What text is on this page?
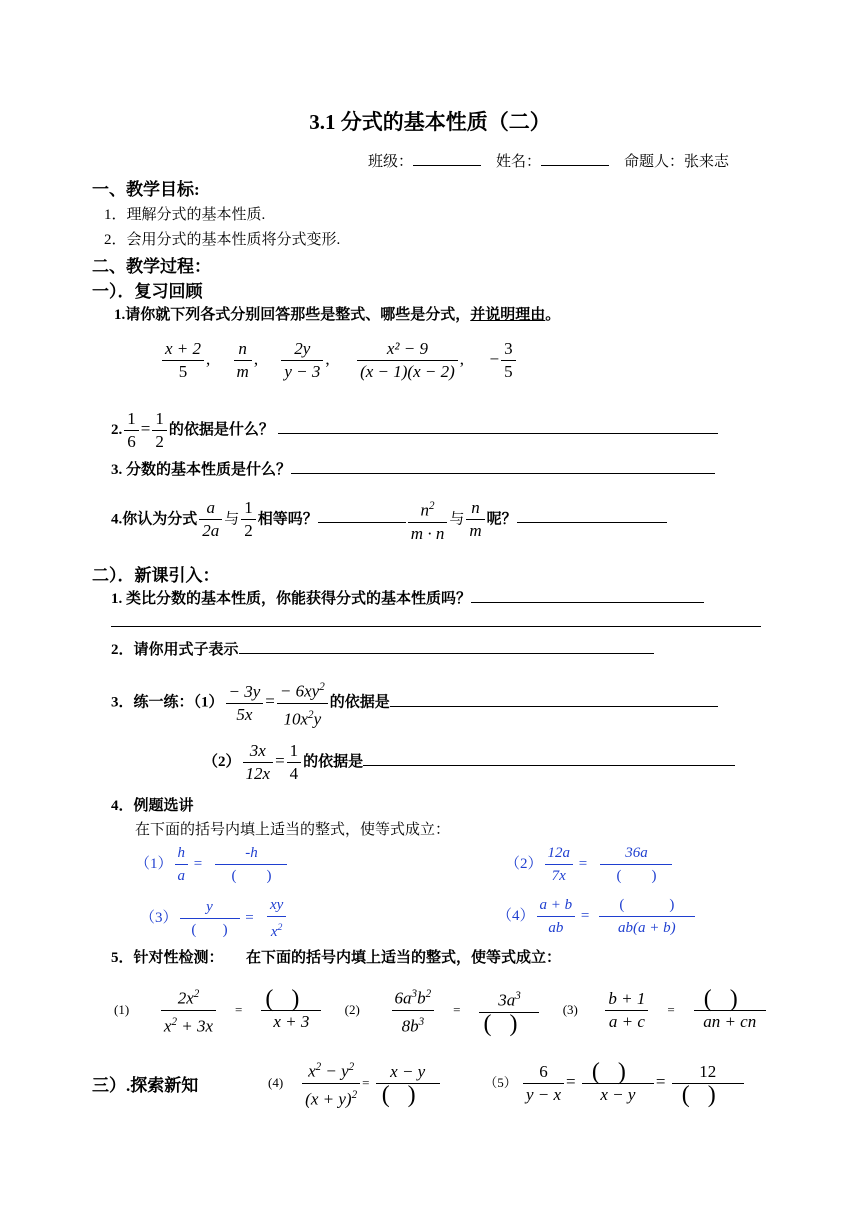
3.1 分式的基本性质（二）
班级：	姓名：	命题人：张来志
一、教学目标:
1．理解分式的基本性质.
2．会用分式的基本性质将分式变形.
二、教学过程：
一）．复习回顾
1.请你就下列各式分别回答那些是整式、哪些是分式，并说明理由。
$\frac{x + 2}{5}$ , $\frac{n}{m}$ , $\frac{2y}{y - 3}$ , $\frac{\text{x² − 9}}{(x - 1)(x - 2)}$ ,      − $\frac{3}{5}$
2. $\frac{1}{6} = \frac{1}{2}$ 的依据是什么？
3. 分数的基本性质是什么？
4.你认为分式 $\frac{a}{2a}$ 与 $\frac{1}{2}$ 相等吗？	$\frac{n^2}{m \cdot n}$ 与 $\frac{n}{m}$ 呢？
二）．新课引入：
1. 类比分数的基本性质，你能获得分式的基本性质吗？
2．请你用式子表示
3．练一练：$(1) \frac{- 3y}{5x} = \frac{- 6xy^2}{10x^2y}$ 的依据是
$(2) \frac{3x}{12x} = \frac{1}{4}$ 的依据是
4．例题选讲
在下面的括号内填上适当的整式，使等式成立：
$(1) \frac{h}{a} = \frac{-h}{( )}$	$(2) \frac{12a}{7x} = \frac{36a}{( )}$
$(3) \frac{y}{( )} = \frac{xy}{x^2}$	$(4) \frac{a + b}{ab} = \frac{( )}{ab(a + b)}$
5．针对性检测： 在下面的括号内填上适当的整式，使等式成立：
$(1) \frac{2x^2}{x^2 + 3x} = \frac{()}{x + 3} (2) \frac{6a^3b^2}{8b^3} = \frac{3a^3}{()} (3) \frac{b + 1}{a + c} = \frac{()}{an + cn}$
三）.探索新知	$(4) \frac{x^2 - y^2}{(x + y)^2} = \frac{x - y}{()}$	$(5) \frac{6}{y - x} = \frac{()}{x - y} = \frac{12}{()}$
